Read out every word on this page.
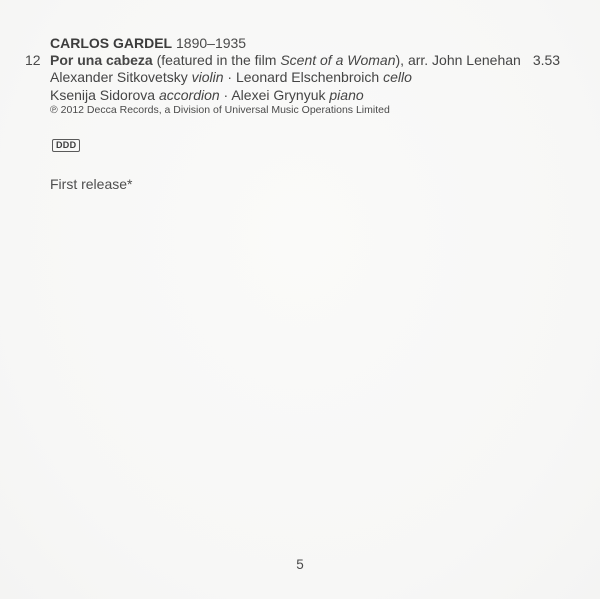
CARLOS GARDEL 1890–1935
12 Por una cabeza (featured in the film Scent of a Woman), arr. John Lenehan 3.53
Alexander Sitkovetsky violin · Leonard Elschenbroich cello
Ksenija Sidorova accordion · Alexei Grynyuk piano
℗ 2012 Decca Records, a Division of Universal Music Operations Limited
DDD
First release*
5
